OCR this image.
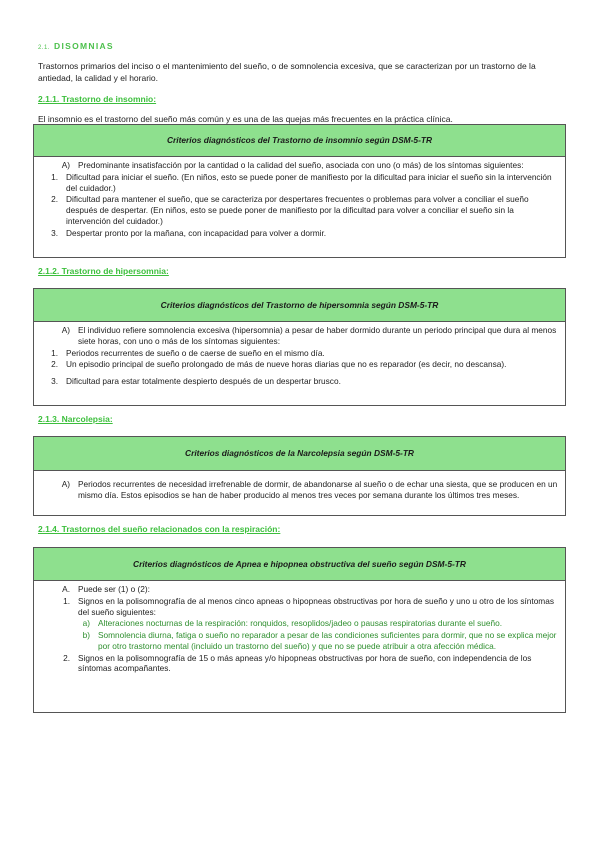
2.1. DISOMNIAS
Trastornos primarios del inciso o el mantenimiento del sueño, o de somnolencia excesiva, que se caracterizan por un trastorno de la antiedad, la calidad y el horario.
2.1.1. Trastorno de insomnio:
El insomnio es el trastorno del sueño más común y es una de las quejas más frecuentes en la práctica clínica.
Criterios diagnósticos del Trastorno de insomnio según DSM-5-TR
A) Predominante insatisfacción por la cantidad o la calidad del sueño, asociada con uno (o más) de los síntomas siguientes:
1. Dificultad para iniciar el sueño. (En niños, esto se puede poner de manifiesto por la dificultad para iniciar el sueño sin la intervención del cuidador.)
2. Dificultad para mantener el sueño, que se caracteriza por despertares frecuentes o problemas para volver a conciliar el sueño después de despertar. (En niños, esto se puede poner de manifiesto por la dificultad para volver a conciliar el sueño sin la intervención del cuidador.)
3. Despertar pronto por la mañana, con incapacidad para volver a dormir.
2.1.2. Trastorno de hipersomnia:
Criterios diagnósticos del Trastorno de hipersomnia según DSM-5-TR
A) El individuo refiere somnolencia excesiva (hipersomnia) a pesar de haber dormido durante un periodo principal que dura al menos siete horas, con uno o más de los síntomas siguientes:
1. Periodos recurrentes de sueño o de caerse de sueño en el mismo día.
2. Un episodio principal de sueño prolongado de más de nueve horas diarias que no es reparador (es decir, no descansa).
3. Dificultad para estar totalmente despierto después de un despertar brusco.
2.1.3. Narcolepsia:
Criterios diagnósticos de la Narcolepsia según DSM-5-TR
A) Periodos recurrentes de necesidad irrefrenable de dormir, de abandonarse al sueño o de echar una siesta, que se producen en un mismo día. Estos episodios se han de haber producido al menos tres veces por semana durante los últimos tres meses.
2.1.4. Trastornos del sueño relacionados con la respiración:
Criterios diagnósticos de Apnea e hipopnea obstructiva del sueño según DSM-5-TR
A. Puede ser (1) o (2):
1. Signos en la polisomnografía de al menos cinco apneas o hipopneas obstructivas por hora de sueño y uno u otro de los síntomas del sueño siguientes:
a) Alteraciones nocturnas de la respiración: ronquidos, resoplidos/jadeo o pausas respiratorias durante el sueño.
b) Somnolencia diurna, fatiga o sueño no reparador a pesar de las condiciones suficientes para dormir, que no se explica mejor por otro trastorno mental (incluido un trastorno del sueño) y que no se puede atribuir a otra afección médica.
2. Signos en la polisomnografía de 15 o más apneas y/o hipopneas obstructivas por hora de sueño, con independencia de los síntomas acompañantes.
